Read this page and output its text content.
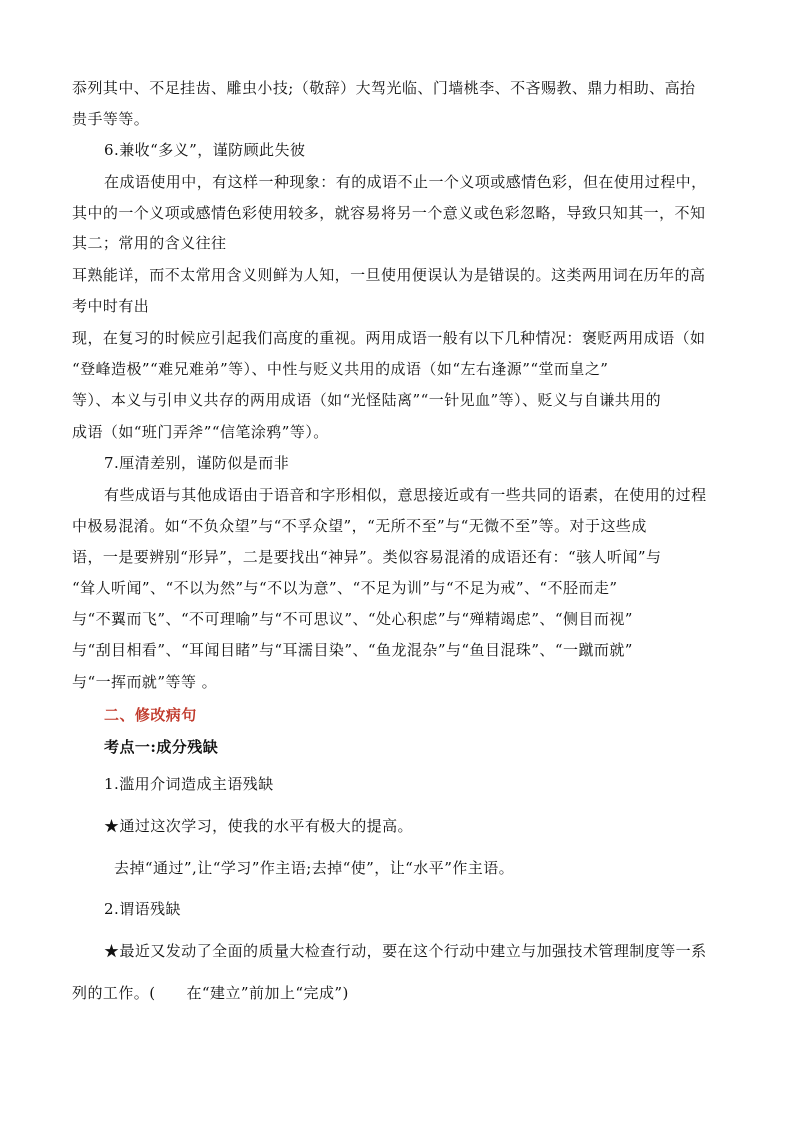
忝列其中、不足挂齿、雕虫小技;（敬辞）大驾光临、门墙桃李、不吝赐教、鼎力相助、高抬
贵手等等。
6.兼收“多义”，谨防顾此失彼
在成语使用中，有这样一种现象：有的成语不止一个义项或感情色彩，但在使用过程中，
其中的一个义项或感情色彩使用较多，就容易将另一个意义或色彩忽略，导致只知其一，不知
其二；常用的含义往往
耳熟能详，而不太常用含义则鲜为人知，一旦使用便误认为是错误的。这类两用词在历年的高
考中时有出
现，在复习的时候应引起我们高度的重视。两用成语一般有以下几种情况：褒贬两用成语（如
“登峰造极”“难兄难弟”等）、中性与贬义共用的成语（如“左右逢源”“堂而皇之”
等）、本义与引申义共存的两用成语（如“光怪陆离”“一针见血”等）、贬义与自谦共用的
成语（如“班门弄斧”“信笔涂鸦”等）。
7.厘清差别，谨防似是而非
有些成语与其他成语由于语音和字形相似，意思接近或有一些共同的语素，在使用的过程
中极易混淆。如“不负众望”与“不孚众望”，“无所不至”与“无微不至”等。对于这些成
语，一是要辨别“形异”，二是要找出“神异”。类似容易混淆的成语还有：“骇人听闻”与
“耸人听闻”、“不以为然”与“不以为意”、“不足为训”与“不足为戒”、“不胫而走”
与“不翼而飞”、“不可理喻”与“不可思议”、“处心积虑”与“殚精竭虑”、“侧目而视”
与“刮目相看”、“耳闻目睹”与“耳濡目染”、“鱼龙混杂”与“鱼目混珠”、“一蹴而就”
与“一挥而就”等等 。
二、修改病句
考点一:成分残缺
1.滥用介词造成主语残缺
★通过这次学习，使我的水平有极大的提高。
去掉“通过”,让“学习”作主语;去掉“使”，让“水平”作主语。
2.谓语残缺
★最近又发动了全面的质量大检查行动，要在这个行动中建立与加强技术管理制度等一系
列的工作。(　　在“建立”前加上“完成”)
